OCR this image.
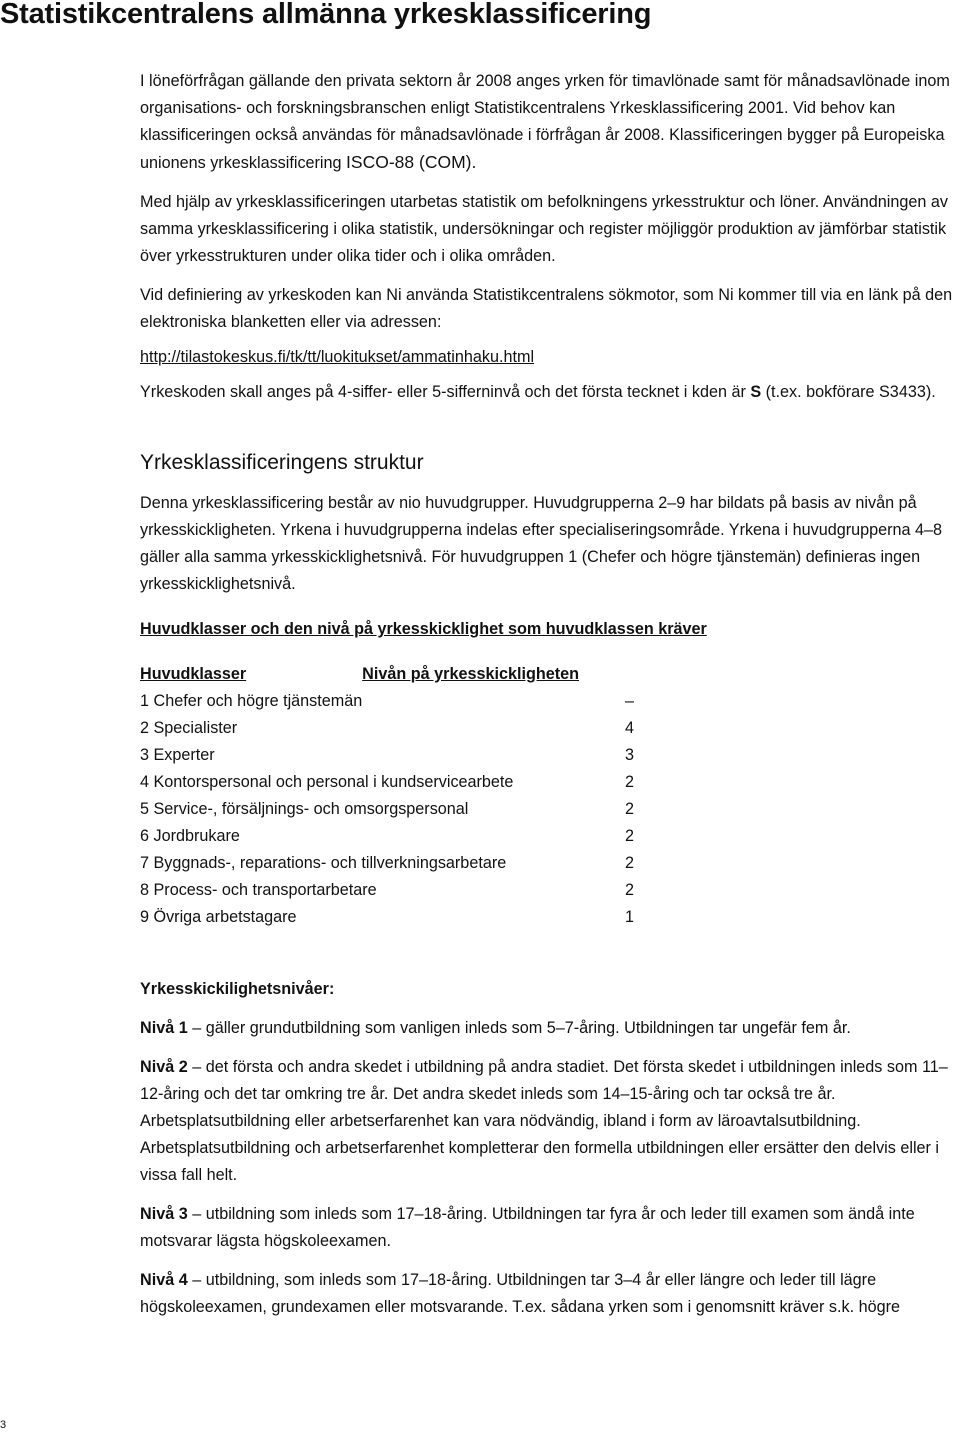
Statistikcentralens allmänna yrkesklassificering

I löneförfrågan gällande den privata sektorn år 2008 anges yrken för timavlönade samt för månadsavlönade inom organisations- och forskningsbranschen enligt Statistikcentralens Yrkesklassificering 2001. Vid behov kan klassificeringen också användas för månadsavlönade i förfrågan år 2008. Klassificeringen bygger på Europeiska unionens yrkesklassificering ISCO-88 (COM).

Med hjälp av yrkesklassificeringen utarbetas statistik om befolkningens yrkesstruktur och löner. Användningen av samma yrkesklassificering i olika statistik, undersökningar och register möjliggör produktion av jämförbar statistik över yrkesstrukturen under olika tider och i olika områden.

Vid definiering av yrkeskoden kan Ni använda Statistikcentralens sökmotor, som Ni kommer till via en länk på den elektroniska blanketten eller via adressen:

http://tilastokeskus.fi/tk/tt/luokitukset/ammatinhaku.html

Yrkeskoden skall anges på 4-siffer- eller 5-sifferninvå och det första tecknet i kden är S (t.ex. bokförare S3433).

Yrkesklassificeringens struktur

Denna yrkesklassificering består av nio huvudgrupper. Huvudgrupperna 2–9 har bildats på basis av nivån på yrkesskickligheten. Yrkena i huvudgrupperna indelas efter specialiseringsområde. Yrkena i huvudgrupperna 4–8 gäller alla samma yrkesskicklighetsnivå. För huvudgruppen 1 (Chefer och högre tjänstemän) definieras ingen yrkesskicklighetsnivå.

Huvudklasser och den nivå på yrkesskicklighet som huvudklassen kräver

Huvudklasser	Nivån på yrkesskickligheten
1 Chefer och högre tjänstemän	–
2 Specialister	4
3 Experter	3
4 Kontorspersonal och personal i kundservicearbete	2
5 Service-, försäljnings- och omsorgspersonal	2
6 Jordbrukare	2
7 Byggnads-, reparations- och tillverkningsarbetare	2
8 Process- och transportarbetare	2
9 Övriga arbetstagare	1

Yrkesskickilighetsnivåer:

Nivå 1 – gäller grundutbildning som vanligen inleds som 5–7-åring. Utbildningen tar ungefär fem år.

Nivå 2 – det första och andra skedet i utbildning på andra stadiet. Det första skedet i utbildningen inleds som 11–12-åring och det tar omkring tre år. Det andra skedet inleds som 14–15-åring och tar också tre år. Arbetsplatsutbildning eller arbetserfarenhet kan vara nödvändig, ibland i form av läroavtalsutbildning. Arbetsplatsutbildning och arbetserfarenhet kompletterar den formella utbildningen eller ersätter den delvis eller i vissa fall helt.

Nivå 3 – utbildning som inleds som 17–18-åring. Utbildningen tar fyra år och leder till examen som ändå inte motsvarar lägsta högskoleexamen.

Nivå 4 – utbildning, som inleds som 17–18-åring. Utbildningen tar 3–4 år eller längre och leder till lägre högskoleexamen, grundexamen eller motsvarande. T.ex. sådana yrken som i genomsnitt kräver s.k. högre

3
